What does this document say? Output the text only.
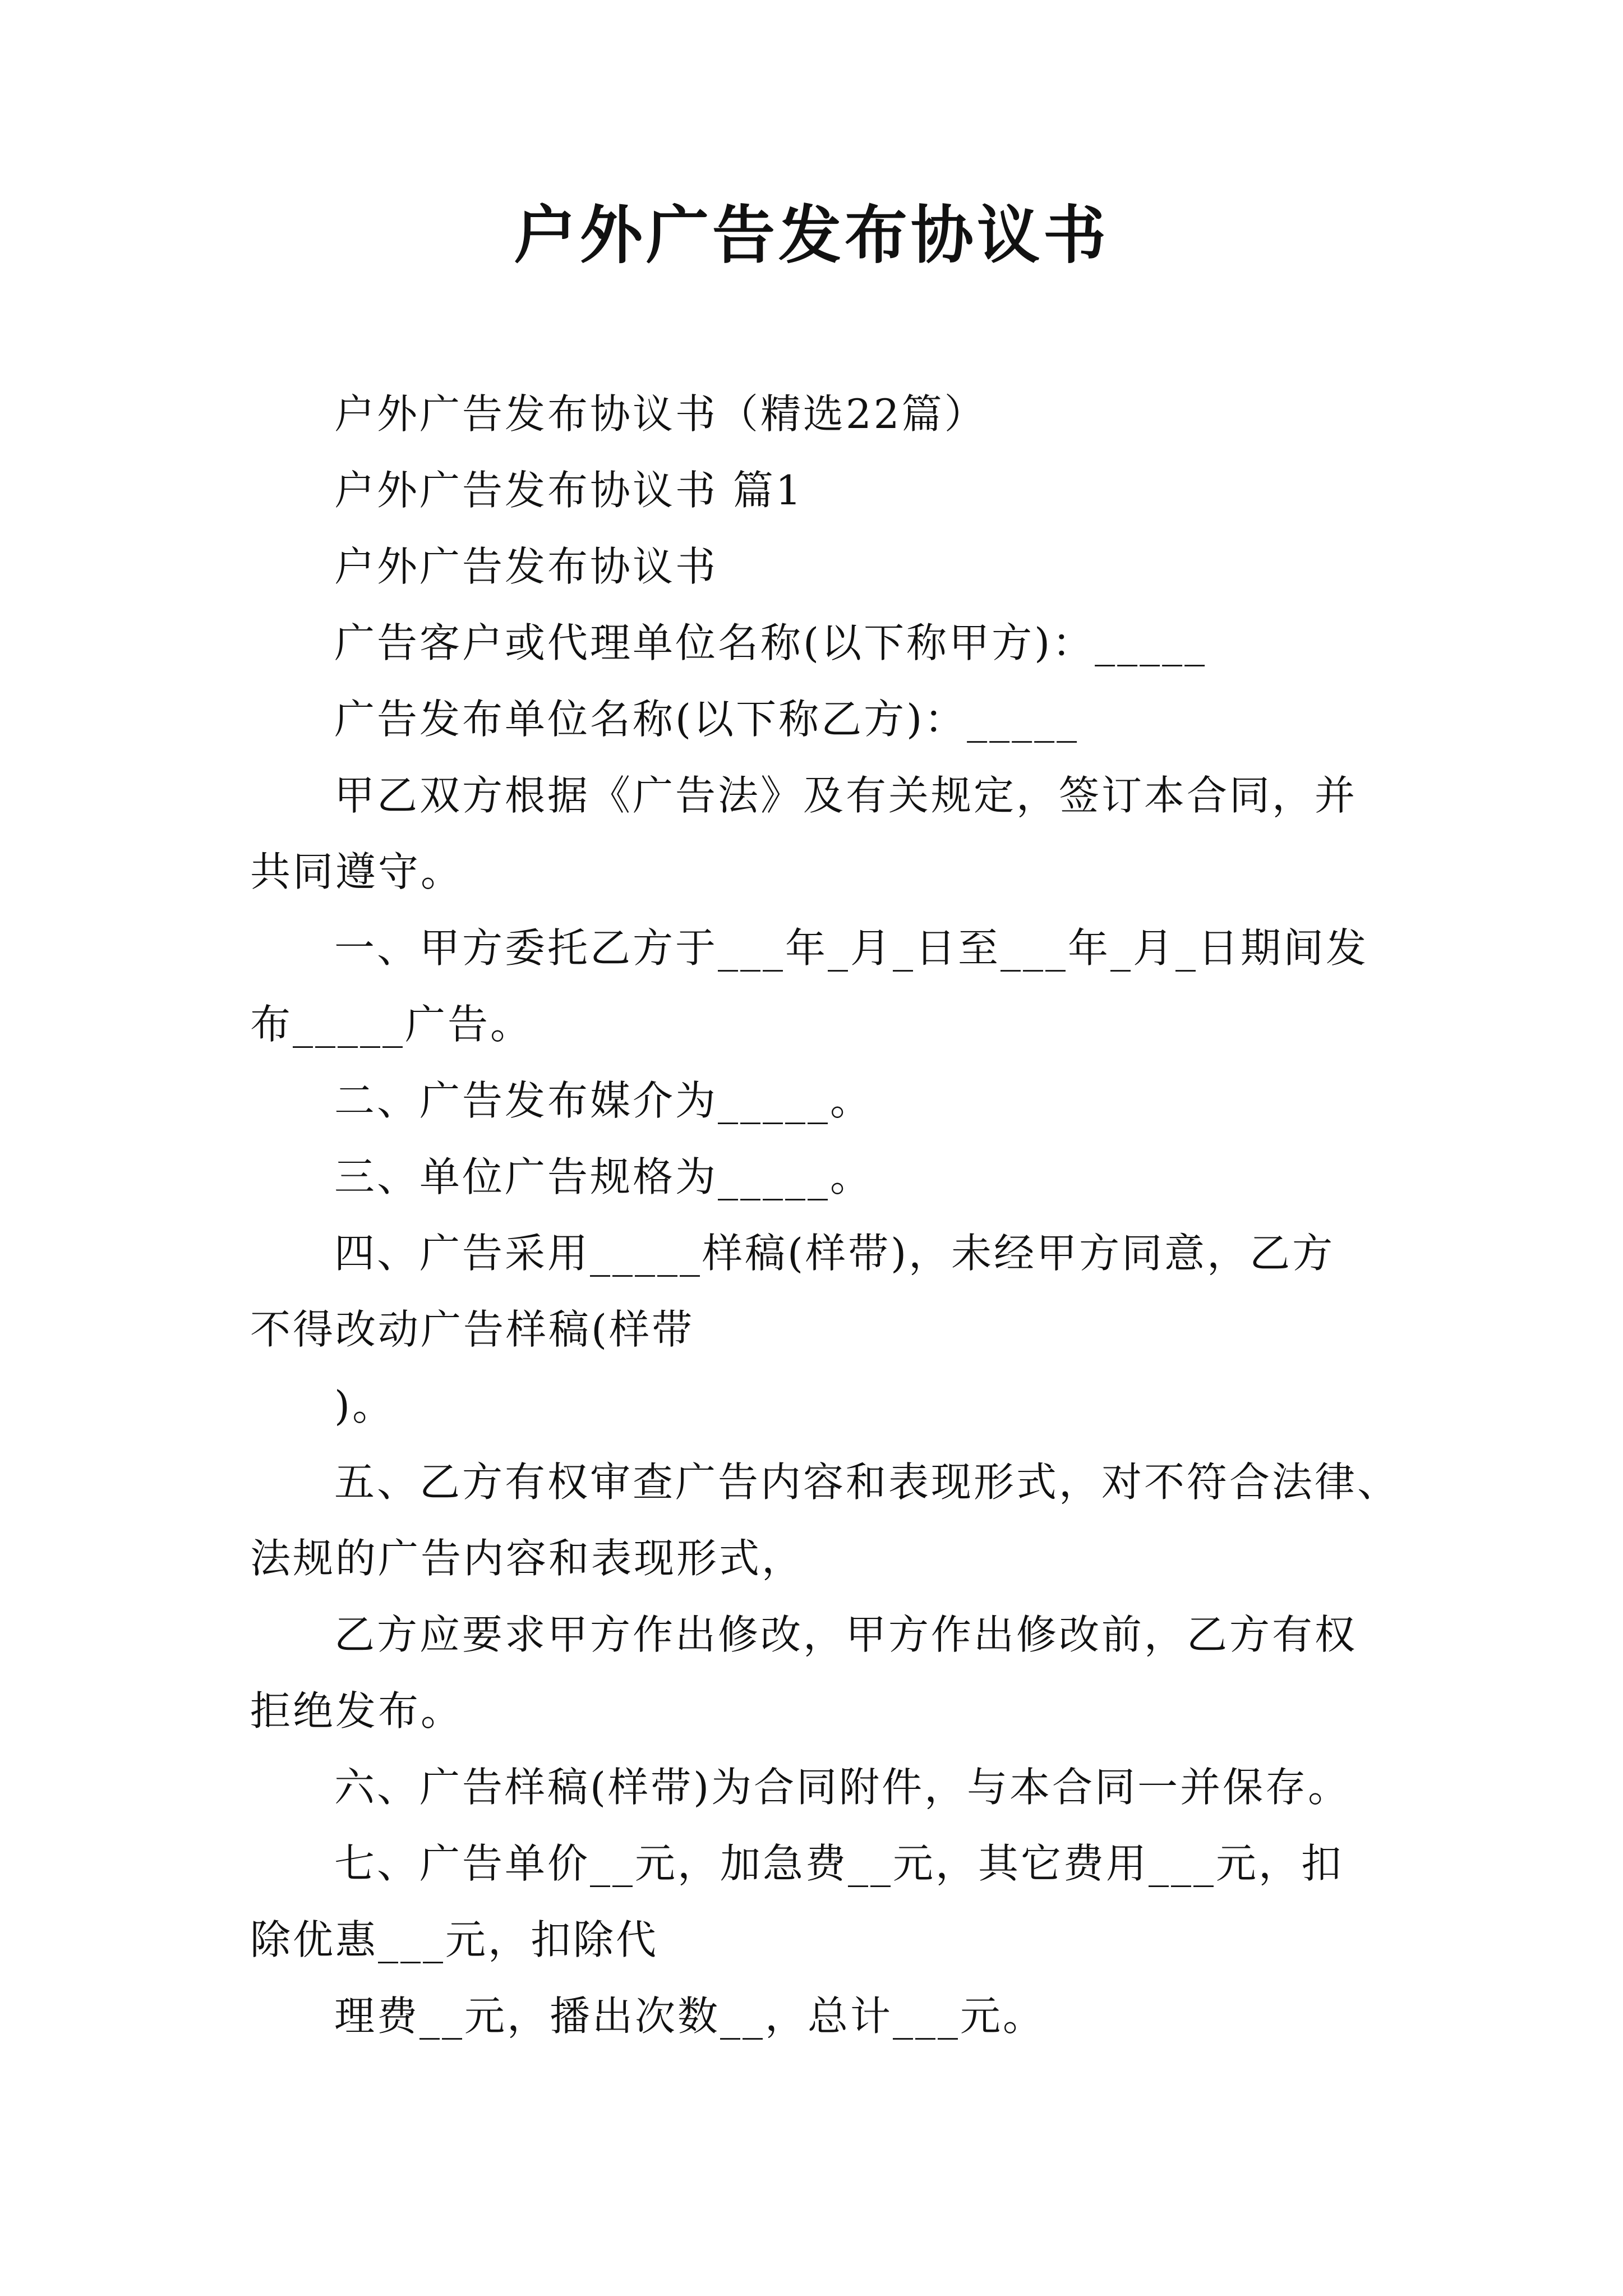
户外广告发布协议书

户外广告发布协议书（精选22篇）

户外广告发布协议书 篇1

户外广告发布协议书

广告客户或代理单位名称(以下称甲方)：_____

广告发布单位名称(以下称乙方)：_____

甲乙双方根据《广告法》及有关规定，签订本合同，并

共同遵守。

一、甲方委托乙方于___年_月_日至___年_月_日期间发

布_____广告。

二、广告发布媒介为_____。

三、单位广告规格为_____。

四、广告采用_____样稿(样带)，未经甲方同意，乙方

不得改动广告样稿(样带

)。

五、乙方有权审查广告内容和表现形式，对不符合法律、

法规的广告内容和表现形式，

乙方应要求甲方作出修改，甲方作出修改前，乙方有权

拒绝发布。

六、广告样稿(样带)为合同附件，与本合同一并保存。

七、广告单价__元，加急费__元，其它费用___元，扣

除优惠___元，扣除代

理费__元，播出次数__，总计___元。
